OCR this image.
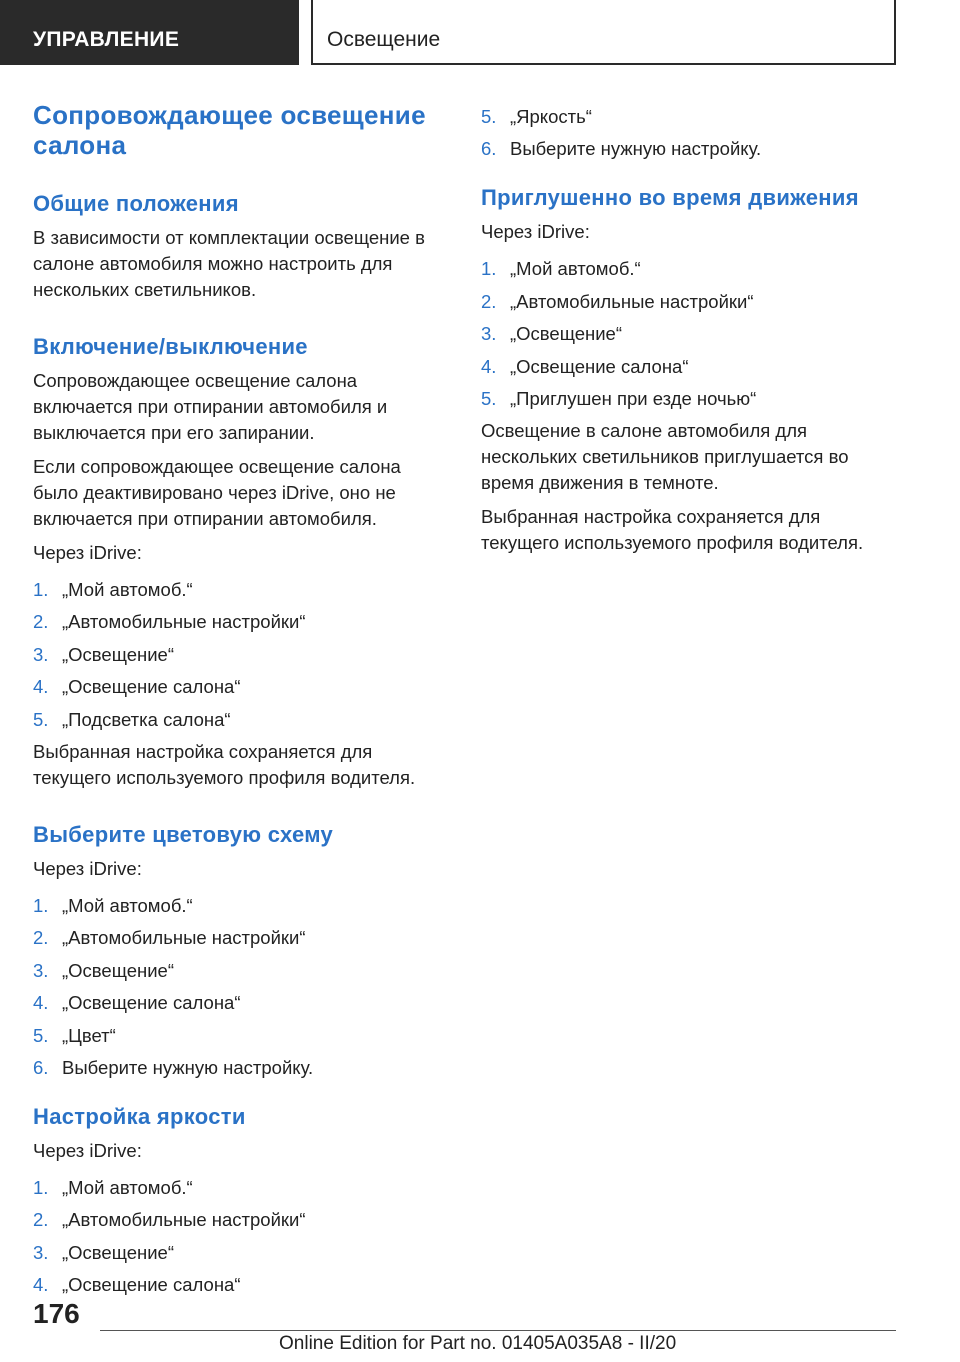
УПРАВЛЕНИЕ	Освещение
Сопровождающее освещение салона
Общие положения

В зависимости от комплектации освещение в салоне автомобиля можно настроить для нескольких светильников.

Включение/выключение

Сопровождающее освещение салона включается при отпирании автомобиля и выключается при его запирании.

Если сопровождающее освещение салона было деактивировано через iDrive, оно не включается при отпирании автомобиля.

Через iDrive:

1. „Мой автомоб.“
2. „Автомобильные настройки“
3. „Освещение“
4. „Освещение салона“
5. „Подсветка салона“

Выбранная настройка сохраняется для текущего используемого профиля водителя.

Выберите цветовую схему

Через iDrive:

1. „Мой автомоб.“
2. „Автомобильные настройки“
3. „Освещение“
4. „Освещение салона“
5. „Цвет“
6. Выберите нужную настройку.
Настройка яркости

Через iDrive:

1. „Мой автомоб.“
2. „Автомобильные настройки“
3. „Освещение“
4. „Освещение салона“
5. „Яркость“
6. Выберите нужную настройку.
Приглушенно во время движения

Через iDrive:

1. „Мой автомоб.“
2. „Автомобильные настройки“
3. „Освещение“
4. „Освещение салона“
5. „Приглушен при езде ночью“

Освещение в салоне автомобиля для нескольких светильников приглушается во время движения в темноте.

Выбранная настройка сохраняется для текущего используемого профиля водителя.

176
Online Edition for Part no. 01405A035A8 - II/20
